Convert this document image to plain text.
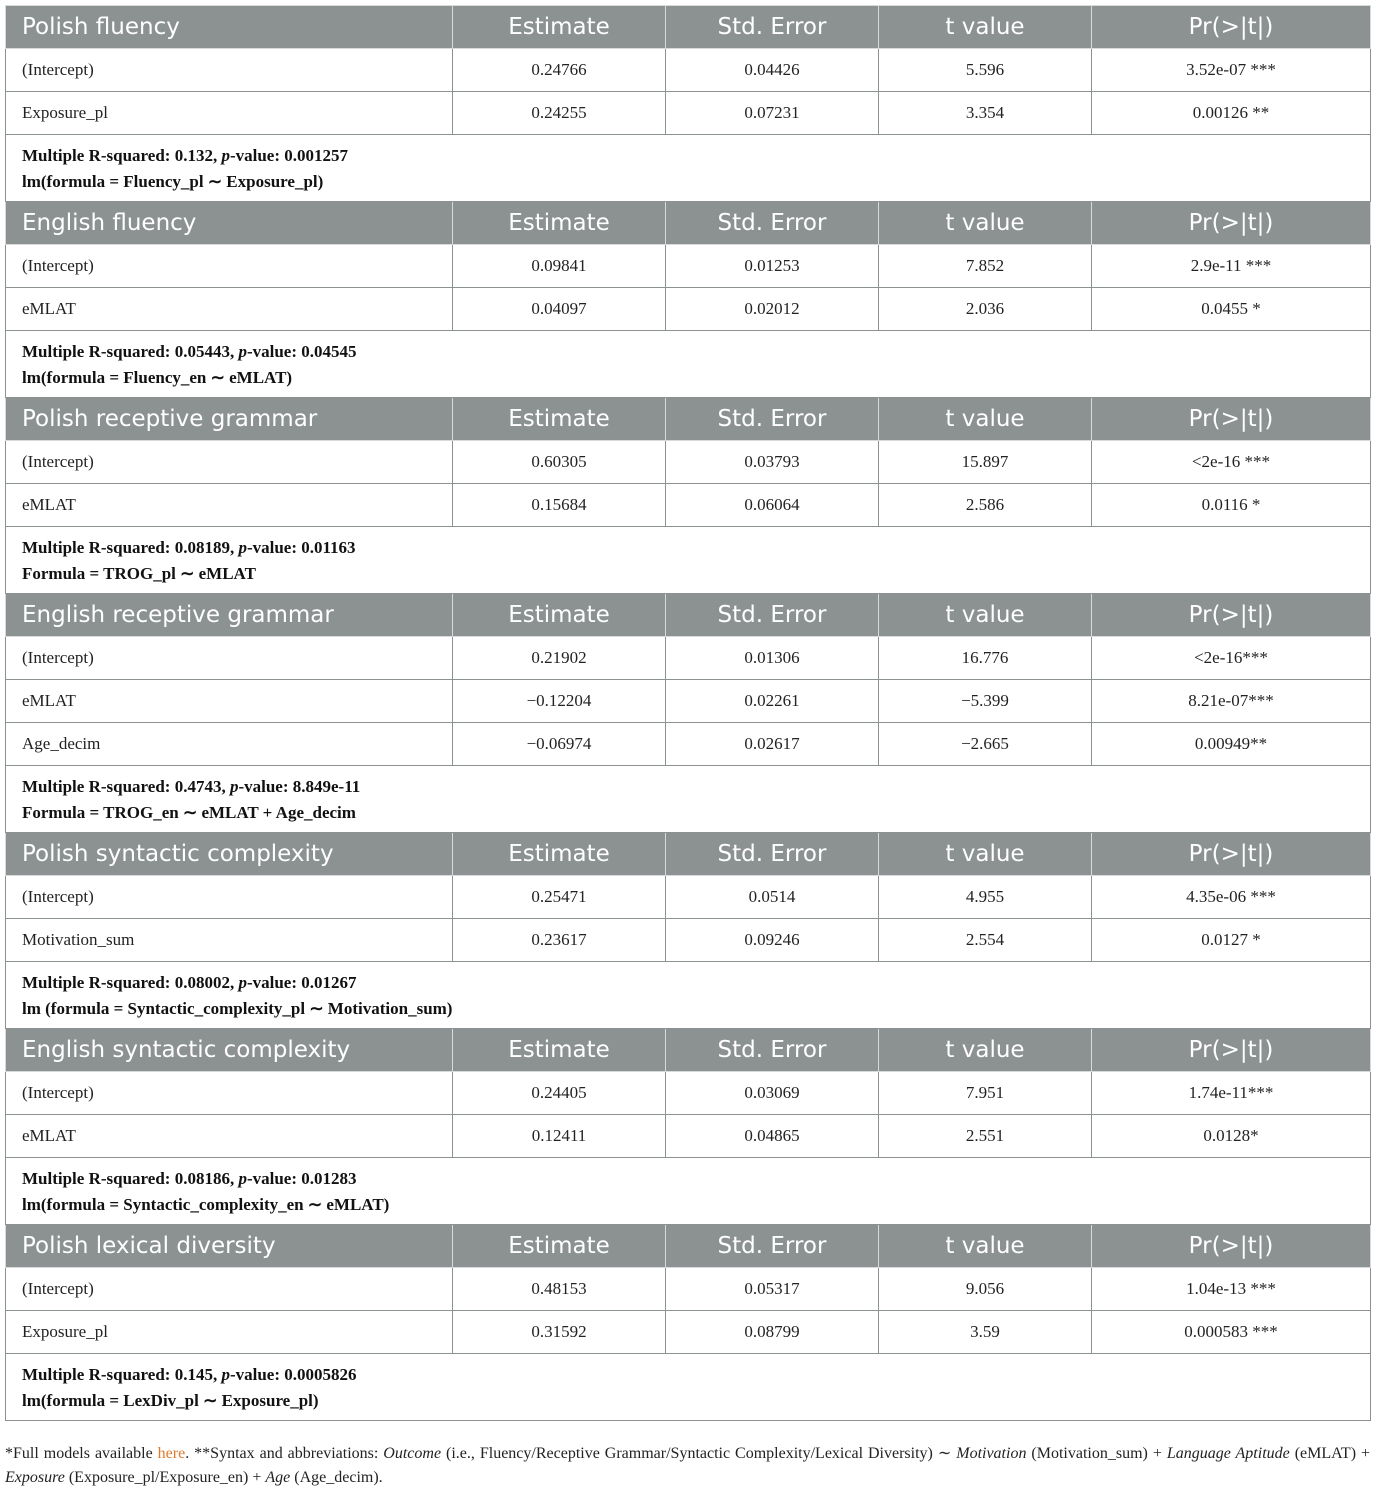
Polish fluency	Estimate	Std. Error	t value	Pr(>|t|)
(Intercept)	0.24766	0.04426	5.596	3.52e-07 ***
Exposure_pl	0.24255	0.07231	3.354	0.00126 **

Multiple R-squared: 0.132, p-value: 0.001257
lm(formula = Fluency_pl ∼ Exposure_pl)				

English fluency	Estimate	Std. Error	t value	Pr(>|t|)
(Intercept)	0.09841	0.01253	7.852	2.9e-11 ***
eMLAT	0.04097	0.02012	2.036	0.0455 *

Multiple R-squared: 0.05443, p-value: 0.04545
lm(formula = Fluency_en ∼ eMLAT)				

Polish receptive grammar	Estimate	Std. Error	t value	Pr(>|t|)
(Intercept)	0.60305	0.03793	15.897	<2e-16 ***
eMLAT	0.15684	0.06064	2.586	0.0116 *

Multiple R-squared: 0.08189, p-value: 0.01163
Formula = TROG_pl ∼ eMLAT				

English receptive grammar	Estimate	Std. Error	t value	Pr(>|t|)
(Intercept)	0.21902	0.01306	16.776	<2e-16***
eMLAT	−0.12204	0.02261	−5.399	8.21e-07***
Age_decim	−0.06974	0.02617	−2.665	0.00949**

Multiple R-squared: 0.4743, p-value: 8.849e-11
Formula = TROG_en ∼ eMLAT + Age_decim				

Polish syntactic complexity	Estimate	Std. Error	t value	Pr(>|t|)
(Intercept)	0.25471	0.0514	4.955	4.35e-06 ***
Motivation_sum	0.23617	0.09246	2.554	0.0127 *

Multiple R-squared: 0.08002, p-value: 0.01267
lm (formula = Syntactic_complexity_pl ∼ Motivation_sum)				

English syntactic complexity	Estimate	Std. Error	t value	Pr(>|t|)
(Intercept)	0.24405	0.03069	7.951	1.74e-11***
eMLAT	0.12411	0.04865	2.551	0.0128*

Multiple R-squared: 0.08186, p-value: 0.01283
lm(formula = Syntactic_complexity_en ∼ eMLAT)				

Polish lexical diversity	Estimate	Std. Error	t value	Pr(>|t|)
(Intercept)	0.48153	0.05317	9.056	1.04e-13 ***
Exposure_pl	0.31592	0.08799	3.59	0.000583 ***

Multiple R-squared: 0.145, p-value: 0.0005826
lm(formula = LexDiv_pl ∼ Exposure_pl)				
*Full models available here. **Syntax and abbreviations: Outcome (i.e., Fluency/Receptive Grammar/Syntactic Complexity/Lexical Diversity) ∼ Motivation (Motivation_sum) + Language Aptitude (eMLAT) + Exposure (Exposure_pl/Exposure_en) + Age (Age_decim).
